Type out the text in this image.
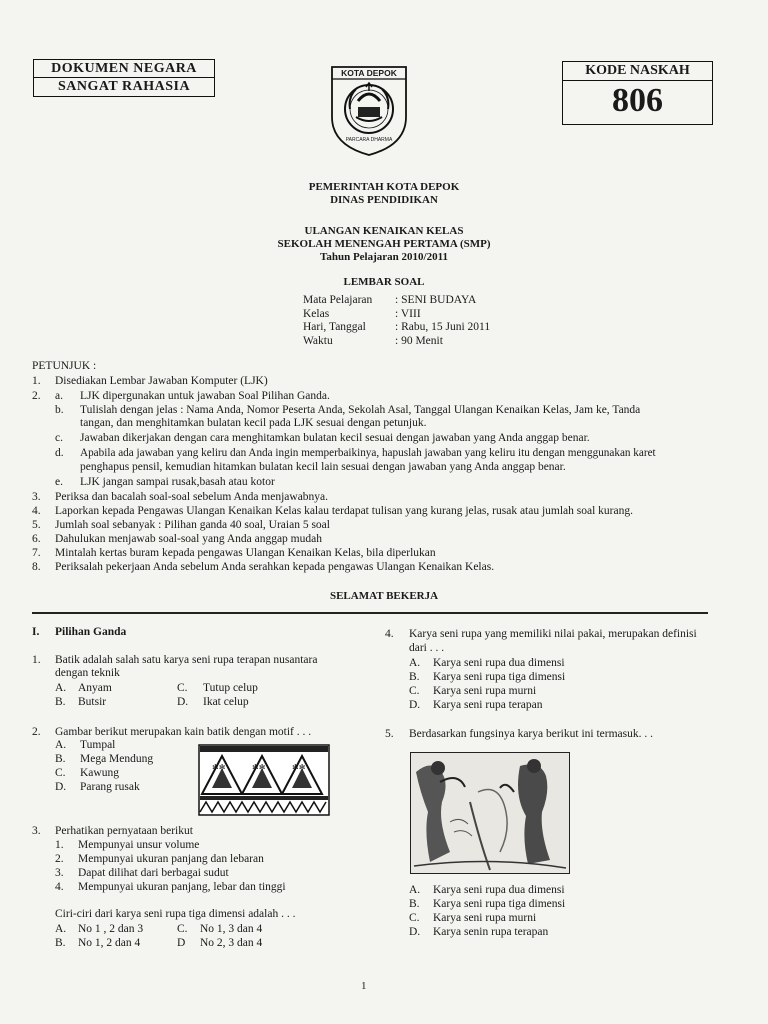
DOKUMEN NEGARA
SANGAT RAHASIA
KOTA DEPOK
PARCARA DHARMA
KODE NASKAH
806
PEMERINTAH KOTA DEPOK
DINAS PENDIDIKAN
ULANGAN KENAIKAN KELAS
SEKOLAH MENENGAH PERTAMA (SMP)
Tahun Pelajaran 2010/2011
LEMBAR SOAL
Mata Pelajaran	: SENI BUDAYA
Kelas	: VIII
Hari, Tanggal	: Rabu, 15 Juni 2011
Waktu	: 90 Menit
PETUNJUK :
1. Disediakan Lembar Jawaban Komputer (LJK)
2. a. LJK dipergunakan untuk jawaban Soal Pilihan Ganda.
b. Tulislah dengan jelas : Nama Anda, Nomor Peserta Anda, Sekolah Asal, Tanggal Ulangan Kenaikan Kelas, Jam ke, Tanda
tangan, dan menghitamkan bulatan kecil pada LJK sesuai dengan petunjuk.
c. Jawaban dikerjakan dengan cara menghitamkan bulatan kecil sesuai dengan jawaban yang Anda anggap benar.
d. Apabila ada jawaban yang keliru dan Anda ingin memperbaikinya, hapuslah jawaban yang keliru itu dengan menggunakan karet
penghapus pensil, kemudian hitamkan bulatan kecil lain sesuai dengan jawaban yang Anda anggap benar.
e. LJK jangan sampai rusak,basah atau kotor
3. Periksa dan bacalah soal-soal sebelum Anda menjawabnya.
4. Laporkan kepada Pengawas Ulangan Kenaikan Kelas kalau terdapat tulisan yang kurang jelas, rusak atau jumlah soal kurang.
5. Jumlah soal sebanyak : Pilihan ganda 40 soal, Uraian 5 soal
6. Dahulukan menjawab soal-soal yang Anda anggap mudah
7. Mintalah kertas buram kepada pengawas Ulangan Kenaikan Kelas, bila diperlukan
8. Periksalah pekerjaan Anda sebelum Anda serahkan kepada pengawas Ulangan Kenaikan Kelas.
SELAMAT BEKERJA
I. Pilihan Ganda
1. Batik adalah salah satu karya seni rupa terapan nusantara
dengan teknik
A. Anyam	C. Tutup celup
B. Butsir	D. Ikat celup
2. Gambar berikut merupakan kain batik dengan motif . . .
A. Tumpal
B. Mega Mendung
C. Kawung
D. Parang rusak
✻✻	✻✻	✻✻
3. Perhatikan pernyataan berikut
1. Mempunyai unsur volume
2. Mempunyai ukuran panjang dan lebaran
3. Dapat dilihat dari berbagai sudut
4. Mempunyai ukuran panjang, lebar dan tinggi
Ciri-ciri dari karya seni rupa tiga dimensi adalah . . .
A. No 1 , 2 dan 3	C. No 1, 3 dan 4
B. No 1, 2 dan 4	D No 2, 3 dan 4
4. Karya seni rupa yang memiliki nilai pakai, merupakan definisi
dari . . .
A. Karya seni rupa dua dimensi
B. Karya seni rupa tiga dimensi
C. Karya seni rupa murni
D. Karya seni rupa terapan
5. Berdasarkan fungsinya karya berikut ini termasuk. . .
A. Karya seni rupa dua dimensi
B. Karya seni rupa tiga dimensi
C. Karya seni rupa murni
D. Karya senin rupa terapan
1
